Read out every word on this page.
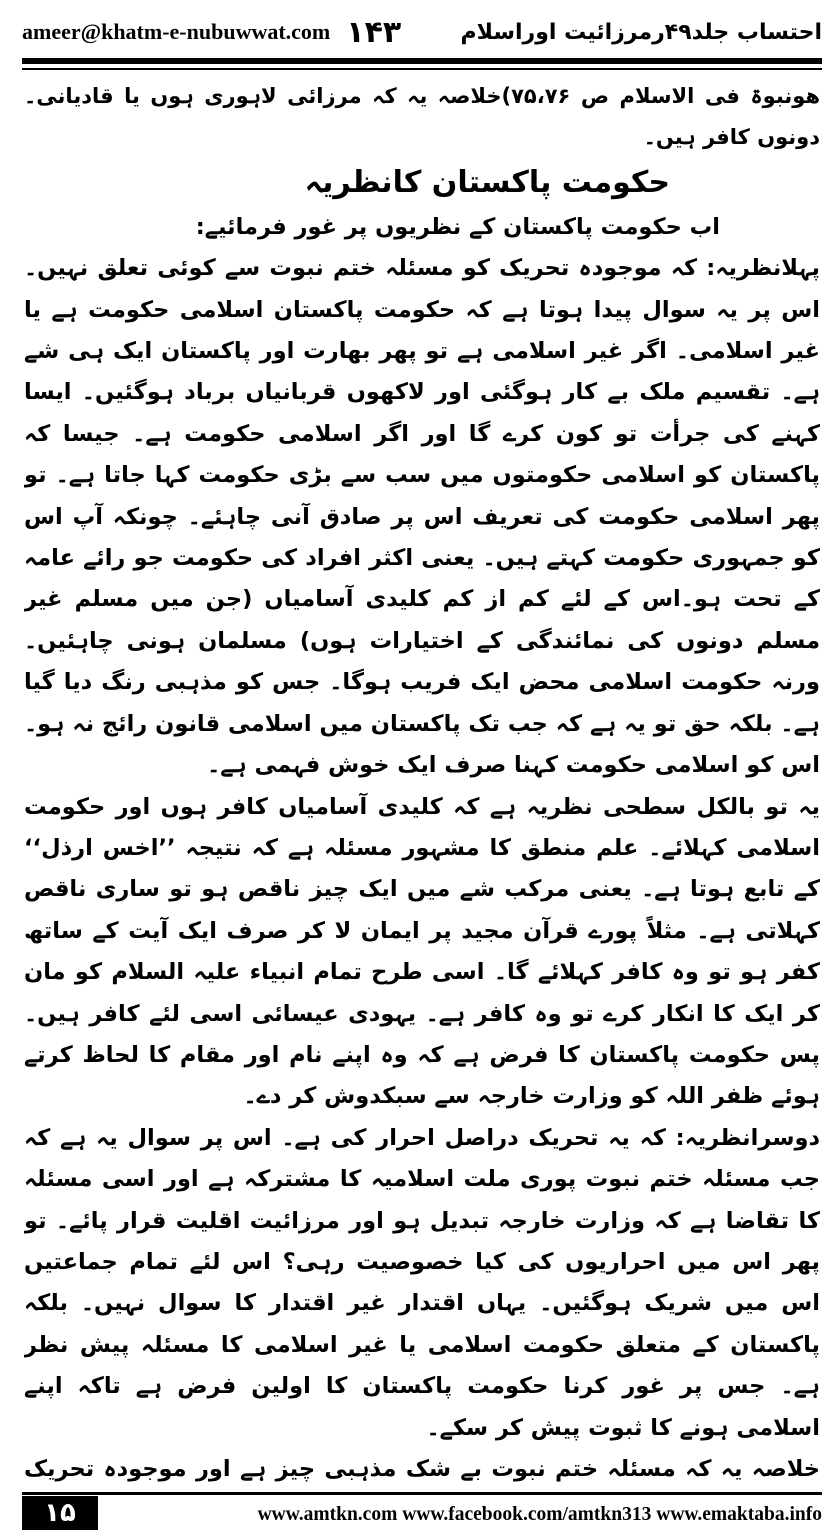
ameer@khatm-e-nubuwwat.com ۱۴۳	احتساب جلد۴۹رمرزائیت اوراسلام

ھونبوۃ فی الاسلام ص ۷۵،۷۶)خلاصہ یہ کہ مرزائی لاہوری ہوں یا قادیانی۔ دونوں کافر ہیں۔

حکومت پاکستان کانظریہ

اب حکومت پاکستان کے نظریوں پر غور فرمائیے:

پہلانظریہ: کہ موجودہ تحریک کو مسئلہ ختم نبوت سے کوئی تعلق نہیں۔اس پر یہ سوال پیدا ہوتا ہے کہ حکومت پاکستان اسلامی حکومت ہے یا غیر اسلامی۔ اگر غیر اسلامی ہے تو پھر بھارت اور پاکستان ایک ہی شے ہے۔ تقسیم ملک بے کار ہوگئی اور لاکھوں قربانیاں برباد ہوگئیں۔ ایسا کہنے کی جرأت تو کون کرے گا اور اگر اسلامی حکومت ہے۔ جیسا کہ پاکستان کو اسلامی حکومتوں میں سب سے بڑی حکومت کہا جاتا ہے۔ تو پھر اسلامی حکومت کی تعریف اس پر صادق آنی چاہئے۔ چونکہ آپ اس کو جمہوری حکومت کہتے ہیں۔ یعنی اکثر افراد کی حکومت جو رائے عامہ کے تحت ہو۔اس کے لئے کم از کم کلیدی آسامیاں (جن میں مسلم غیر مسلم دونوں کی نمائندگی کے اختیارات ہوں) مسلمان ہونی چاہئیں۔ ورنہ حکومت اسلامی محض ایک فریب ہوگا۔ جس کو مذہبی رنگ دیا گیا ہے۔ بلکہ حق تو یہ ہے کہ جب تک پاکستان میں اسلامی قانون رائج نہ ہو۔اس کو اسلامی حکومت کہنا صرف ایک خوش فہمی ہے۔

یہ تو بالکل سطحی نظریہ ہے کہ کلیدی آسامیاں کافر ہوں اور حکومت اسلامی کہلائے۔ علم منطق کا مشہور مسئلہ ہے کہ نتیجہ ’’اخس ارذل‘‘ کے تابع ہوتا ہے۔ یعنی مرکب شے میں ایک چیز ناقص ہو تو ساری ناقص کہلاتی ہے۔ مثلاً پورے قرآن مجید پر ایمان لا کر صرف ایک آیت کے ساتھ کفر ہو تو وہ کافر کہلائے گا۔ اسی طرح تمام انبیاء علیہ السلام کو مان کر ایک کا انکار کرے تو وہ کافر ہے۔ یہودی عیسائی اسی لئے کافر ہیں۔ پس حکومت پاکستان کا فرض ہے کہ وہ اپنے نام اور مقام کا لحاظ کرتے ہوئے ظفر اللہ کو وزارت خارجہ سے سبکدوش کر دے۔

دوسرانظریہ: کہ یہ تحریک دراصل احرار کی ہے۔ اس پر سوال یہ ہے کہ جب مسئلہ ختم نبوت پوری ملت اسلامیہ کا مشترکہ ہے اور اسی مسئلہ کا تقاضا ہے کہ وزارت خارجہ تبدیل ہو اور مرزائیت اقلیت قرار پائے۔ تو پھر اس میں احراریوں کی کیا خصوصیت رہی؟ اس لئے تمام جماعتیں اس میں شریک ہوگئیں۔ یہاں اقتدار غیر اقتدار کا سوال نہیں۔ بلکہ پاکستان کے متعلق حکومت اسلامی یا غیر اسلامی کا مسئلہ پیش نظر ہے۔ جس پر غور کرنا حکومت پاکستان کا اولین فرض ہے تاکہ اپنے اسلامی ہونے کا ثبوت پیش کر سکے۔

خلاصہ یہ کہ مسئلہ ختم نبوت بے شک مذہبی چیز ہے اور موجودہ تحریک

۱۵	www.amtkn.com www.facebook.com/amtkn313 www.emaktaba.info
